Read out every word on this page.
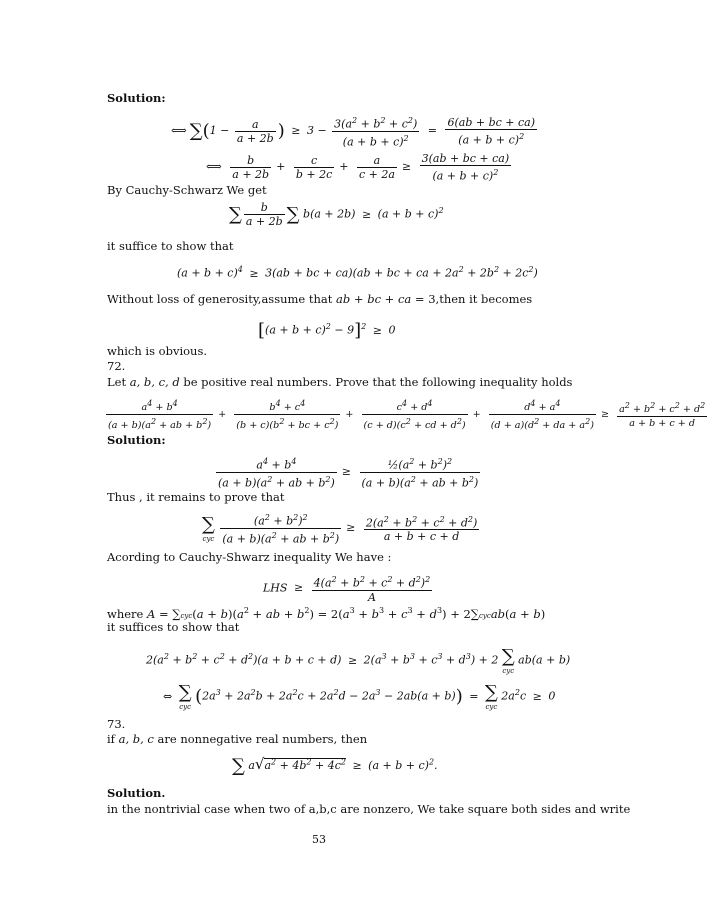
Solution:
⟺ $\sum(1 - \frac{a}{a + 2b}$ ) ≥ $3 - \frac{3(a^2 + b^2 + c^2)}{(a + b + c)^2} = \frac{6(ab + bc + ca)}{(a + b + c)^2}$
⟺ $\frac{b}{a + 2b} + \frac{c}{b + 2c} + \frac{a}{c + 2a} \ge \frac{3(ab + bc + ca)}{(a + b + c)^2}$
By Cauchy-Schwarz We get
∑ $\frac{b}{a + 2b}$ ∑ $b(a + 2b) \ge (a + b + c)^2$
it suffice to show that
$(a + b + c)^4 \ge 3(ab$ + bc + ca)(ab + bc + ca + $2a^2 + 2b^2 + 2c^2$)
Without loss of generosity,assume that ab + bc + ca = 3,then it becomes
$[(a + b + c)^2 - 9]^2 \ge 0$
which is obvious.
72.
Let a, b, c, d be positive real numbers. Prove that the following inequality holds
$\frac{a^4 + b^4}{(a + b)(a^2 + ab + b^2)} + \frac{b^4 + c^4}{(b + c)(b^2 + bc + c^2)} + \frac{c^4 + d^4}{(c + d)(c^2 + cd + d^2)} + \frac{d^4 + a^4}{(d + a)(d^2 + da + a^2)} \ge \frac{a^2 + b^2 + c^2 + d^2}{a + b + c + d}$
Solution:
$\frac{a^4 + b^4}{(a + b)(a^2 + ab + b^2)} \ge \frac{\frac{1}{2}(a^2 + b^2)^2}{(a + b)(a^2 + ab + b^2)}$
Thus , it remains to prove that
∑
cyc
$\frac{(a^2 + b^2)^2}{(a + b)(a^2 + ab + b^2)} \ge \frac{2(a^2 + b^2 + c^2 + d^2)}{a + b + c + d}$
Acording to Cauchy-Shwarz inequality We have :
LHS ≥ $\frac{4(a^2 + b^2 + c^2 + d^2)^2}{A}$
where $A = \sum cyc(a + b)(a^2$ + ab + $b^2) = 2(a^3 + b^3 + c^3 + d^3)$ + 2∑cycab(a + b)
it suffices to show that
$2(a^2 + b^2 + c^2 + d^2)(a + b + c + d) \ge 2(a^3 + b^3 + c^3 + d^3) + 2$ ∑
cyc
ab(a + b)
⇔ ∑
cyc $(2a^3 + 2a^2b + 2a^2c + 2a^2d - 2a^3 - 2ab(a + b))$ = ∑
cyc
$2a^2c \ge 0$
73.
if a, b, c are nonnegative real numbers, then
∑ $a√a^2 + 4b^2 + 4c^2 \ge (a + b + c)^2$.
Solution.
in the nontrivial case when two of a,b,c are nonzero, We take square both sides and write
53
